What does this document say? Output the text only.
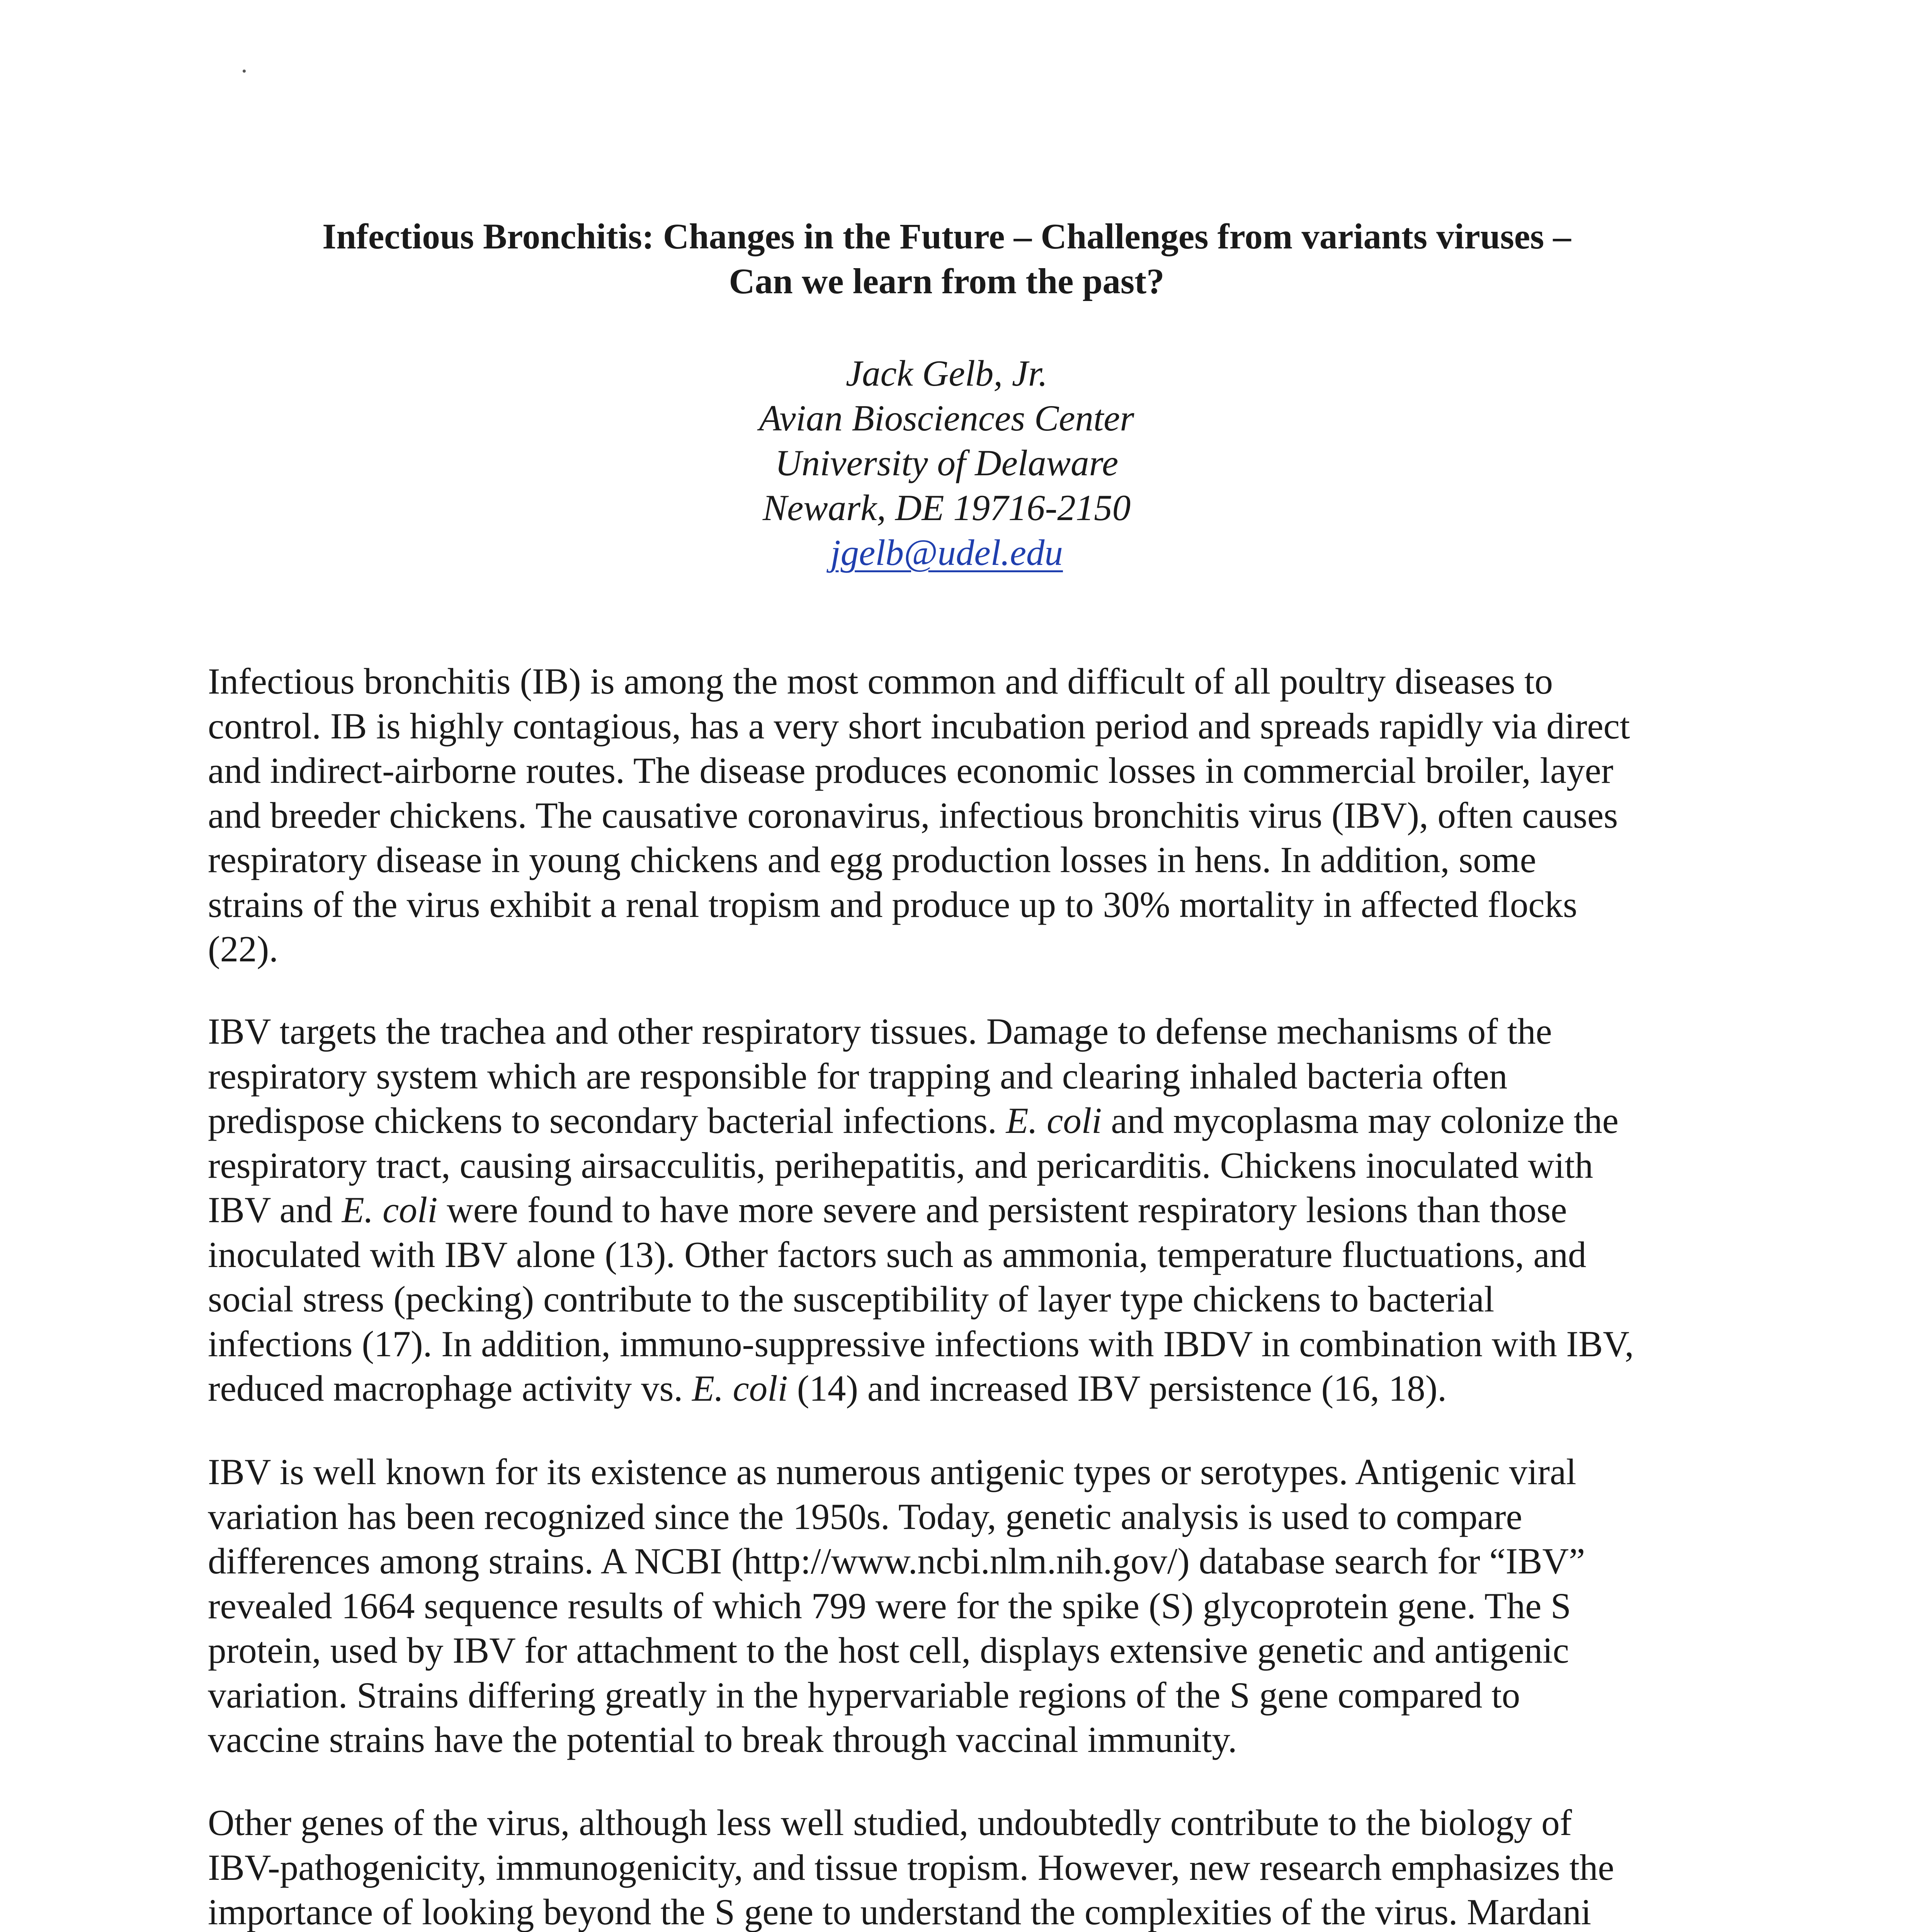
Infectious Bronchitis: Changes in the Future – Challenges from variants viruses –
Can we learn from the past?
Jack Gelb, Jr.
Avian Biosciences Center
University of Delaware
Newark, DE 19716-2150
jgelb@udel.edu
Infectious bronchitis (IB) is among the most common and difficult of all poultry diseases to
control. IB is highly contagious, has a very short incubation period and spreads rapidly via direct
and indirect-airborne routes. The disease produces economic losses in commercial broiler, layer
and breeder chickens. The causative coronavirus, infectious bronchitis virus (IBV), often causes
respiratory disease in young chickens and egg production losses in hens. In addition, some
strains of the virus exhibit a renal tropism and produce up to 30% mortality in affected flocks
(22).
IBV targets the trachea and other respiratory tissues. Damage to defense mechanisms of the
respiratory system which are responsible for trapping and clearing inhaled bacteria often
predispose chickens to secondary bacterial infections. E. coli and mycoplasma may colonize the
respiratory tract, causing airsacculitis, perihepatitis, and pericarditis. Chickens inoculated with
IBV and E. coli were found to have more severe and persistent respiratory lesions than those
inoculated with IBV alone (13). Other factors such as ammonia, temperature fluctuations, and
social stress (pecking) contribute to the susceptibility of layer type chickens to bacterial
infections (17). In addition, immuno-suppressive infections with IBDV in combination with IBV,
reduced macrophage activity vs. E. coli (14) and increased IBV persistence (16, 18).
IBV is well known for its existence as numerous antigenic types or serotypes. Antigenic viral
variation has been recognized since the 1950s. Today, genetic analysis is used to compare
differences among strains. A NCBI (http://www.ncbi.nlm.nih.gov/) database search for “IBV”
revealed 1664 sequence results of which 799 were for the spike (S) glycoprotein gene. The S
protein, used by IBV for attachment to the host cell, displays extensive genetic and antigenic
variation. Strains differing greatly in the hypervariable regions of the S gene compared to
vaccine strains have the potential to break through vaccinal immunity.
Other genes of the virus, although less well studied, undoubtedly contribute to the biology of
IBV-pathogenicity, immunogenicity, and tissue tropism. However, new research emphasizes the
importance of looking beyond the S gene to understand the complexities of the virus. Mardani
